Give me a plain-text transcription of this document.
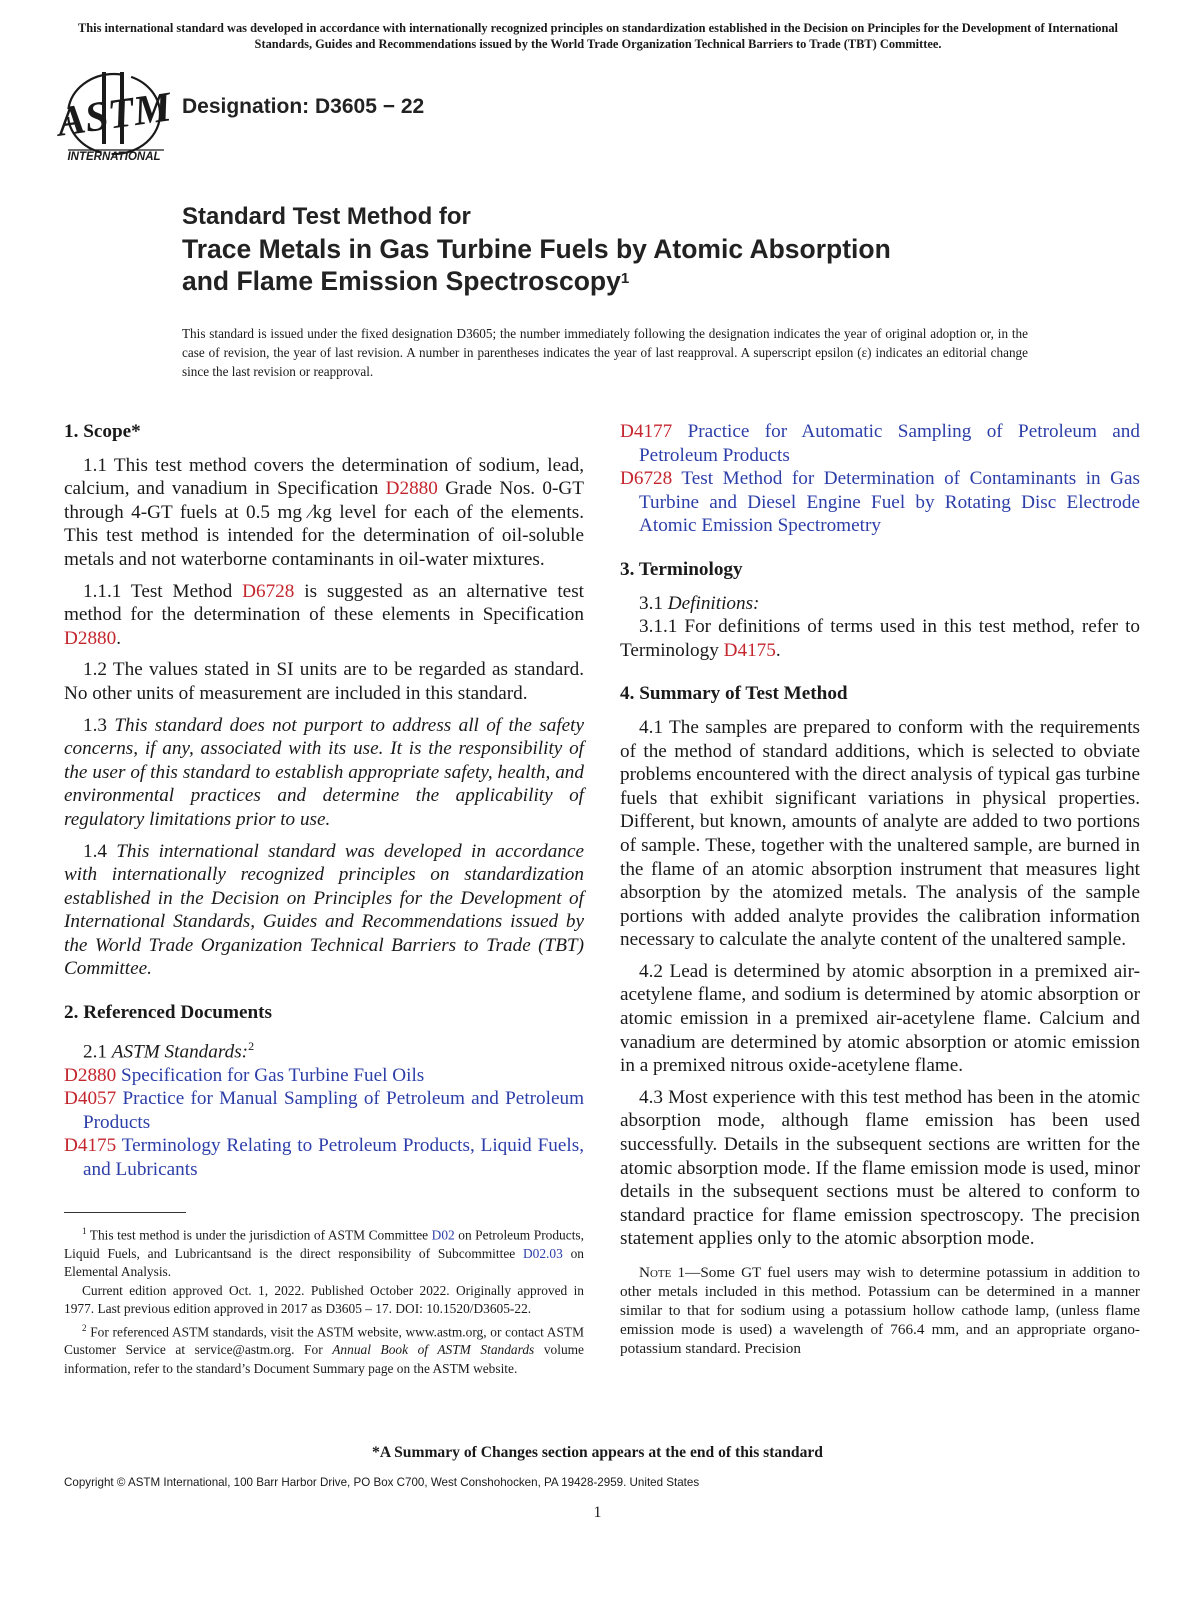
This international standard was developed in accordance with internationally recognized principles on standardization established in the Decision on Principles for the Development of International Standards, Guides and Recommendations issued by the World Trade Organization Technical Barriers to Trade (TBT) Committee.
ASTM
INTERNATIONAL
Designation: D3605 − 22
Standard Test Method for
Trace Metals in Gas Turbine Fuels by Atomic Absorption
and Flame Emission Spectroscopy$^1$
This standard is issued under the fixed designation D3605; the number immediately following the designation indicates the year of original adoption or, in the case of revision, the year of last revision. A number in parentheses indicates the year of last reapproval. A superscript epsilon (ε) indicates an editorial change since the last revision or reapproval.
1. Scope*

1.1 This test method covers the determination of sodium, lead, calcium, and vanadium in Specification D2880 Grade Nos. 0-GT through 4-GT fuels at 0.5 mg ⁄kg level for each of the elements. This test method is intended for the determination of oil-soluble metals and not waterborne contaminants in oil-water mixtures.

1.1.1 Test Method D6728 is suggested as an alternative test method for the determination of these elements in Specification D2880.

1.2 The values stated in SI units are to be regarded as standard. No other units of measurement are included in this standard.

1.3 This standard does not purport to address all of the safety concerns, if any, associated with its use. It is the responsibility of the user of this standard to establish appropriate safety, health, and environmental practices and determine the applicability of regulatory limitations prior to use.

1.4 This international standard was developed in accordance with internationally recognized principles on standardization established in the Decision on Principles for the Development of International Standards, Guides and Recommendations issued by the World Trade Organization Technical Barriers to Trade (TBT) Committee.

2. Referenced Documents

2.1 ASTM Standards:$^2$

D2880 Specification for Gas Turbine Fuel Oils
D4057 Practice for Manual Sampling of Petroleum and Petroleum Products
D4175 Terminology Relating to Petroleum Products, Liquid Fuels, and Lubricants

$^1$ This test method is under the jurisdiction of ASTM Committee D02 on Petroleum Products, Liquid Fuels, and Lubricantsand is the direct responsibility of Subcommittee D02.03 on Elemental Analysis.

Current edition approved Oct. 1, 2022. Published October 2022. Originally approved in 1977. Last previous edition approved in 2017 as D3605 – 17. DOI: 10.1520/D3605-22.

$^2$ For referenced ASTM standards, visit the ASTM website, www.astm.org, or contact ASTM Customer Service at service@astm.org. For Annual Book of ASTM Standards volume information, refer to the standard’s Document Summary page on the ASTM website.

D4177 Practice for Automatic Sampling of Petroleum and Petroleum Products
D6728 Test Method for Determination of Contaminants in Gas Turbine and Diesel Engine Fuel by Rotating Disc Electrode Atomic Emission Spectrometry
3. Terminology

3.1 Definitions:

3.1.1 For definitions of terms used in this test method, refer to Terminology D4175.

4. Summary of Test Method

4.1 The samples are prepared to conform with the requirements of the method of standard additions, which is selected to obviate problems encountered with the direct analysis of typical gas turbine fuels that exhibit significant variations in physical properties. Different, but known, amounts of analyte are added to two portions of sample. These, together with the unaltered sample, are burned in the flame of an atomic absorption instrument that measures light absorption by the atomized metals. The analysis of the sample portions with added analyte provides the calibration information necessary to calculate the analyte content of the unaltered sample.

4.2 Lead is determined by atomic absorption in a premixed air-acetylene flame, and sodium is determined by atomic absorption or atomic emission in a premixed air-acetylene flame. Calcium and vanadium are determined by atomic absorption or atomic emission in a premixed nitrous oxide-acetylene flame.

4.3 Most experience with this test method has been in the atomic absorption mode, although flame emission has been used successfully. Details in the subsequent sections are written for the atomic absorption mode. If the flame emission mode is used, minor details in the subsequent sections must be altered to conform to standard practice for flame emission spectroscopy. The precision statement applies only to the atomic absorption mode.

Note 1—Some GT fuel users may wish to determine potassium in addition to other metals included in this method. Potassium can be determined in a manner similar to that for sodium using a potassium hollow cathode lamp, (unless flame emission mode is used) a wavelength of 766.4 mm, and an appropriate organo-potassium standard. Precision

*A Summary of Changes section appears at the end of this standard
Copyright © ASTM International, 100 Barr Harbor Drive, PO Box C700, West Conshohocken, PA 19428-2959. United States
1
